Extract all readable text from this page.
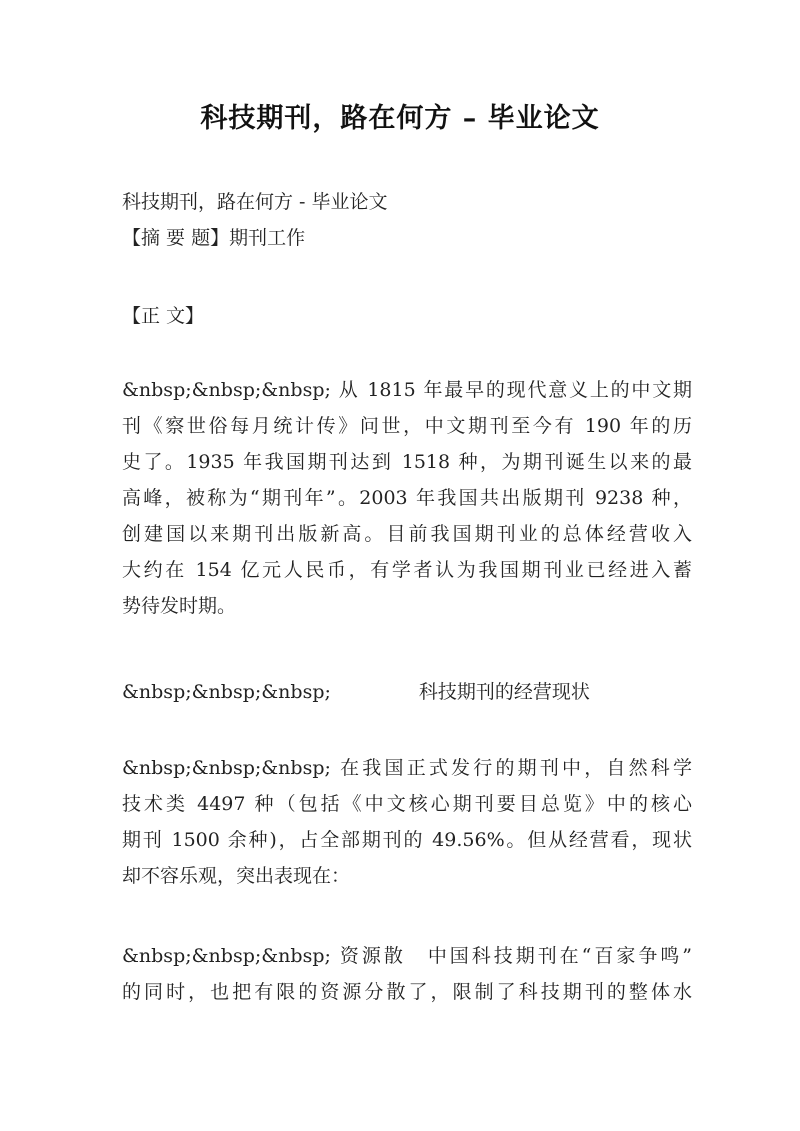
科技期刊，路在何方 – 毕业论文
科技期刊，路在何方 - 毕业论文
【摘 要 题】期刊工作
【正 文】
&nbsp;&nbsp;&nbsp; 从 1815 年最早的现代意义上的中文期
刊《察世俗每月统计传》问世，中文期刊至今有 190 年的历
史了。1935 年我国期刊达到 1518 种，为期刊诞生以来的最
高峰，被称为“期刊年”。2003 年我国共出版期刊 9238 种，
创建国以来期刊出版新高。目前我国期刊业的总体经营收入
大约在 154 亿元人民币，有学者认为我国期刊业已经进入蓄
势待发时期。
&nbsp;&nbsp;&nbsp;	科技期刊的经营现状
&nbsp;&nbsp;&nbsp; 在我国正式发行的期刊中，自然科学
技术类 4497 种（包括《中文核心期刊要目总览》中的核心
期刊 1500 余种)，占全部期刊的 49.56%。但从经营看，现状
却不容乐观，突出表现在：
&nbsp;&nbsp;&nbsp; 资源散　中国科技期刊在“百家争鸣”
的同时，也把有限的资源分散了，限制了科技期刊的整体水
